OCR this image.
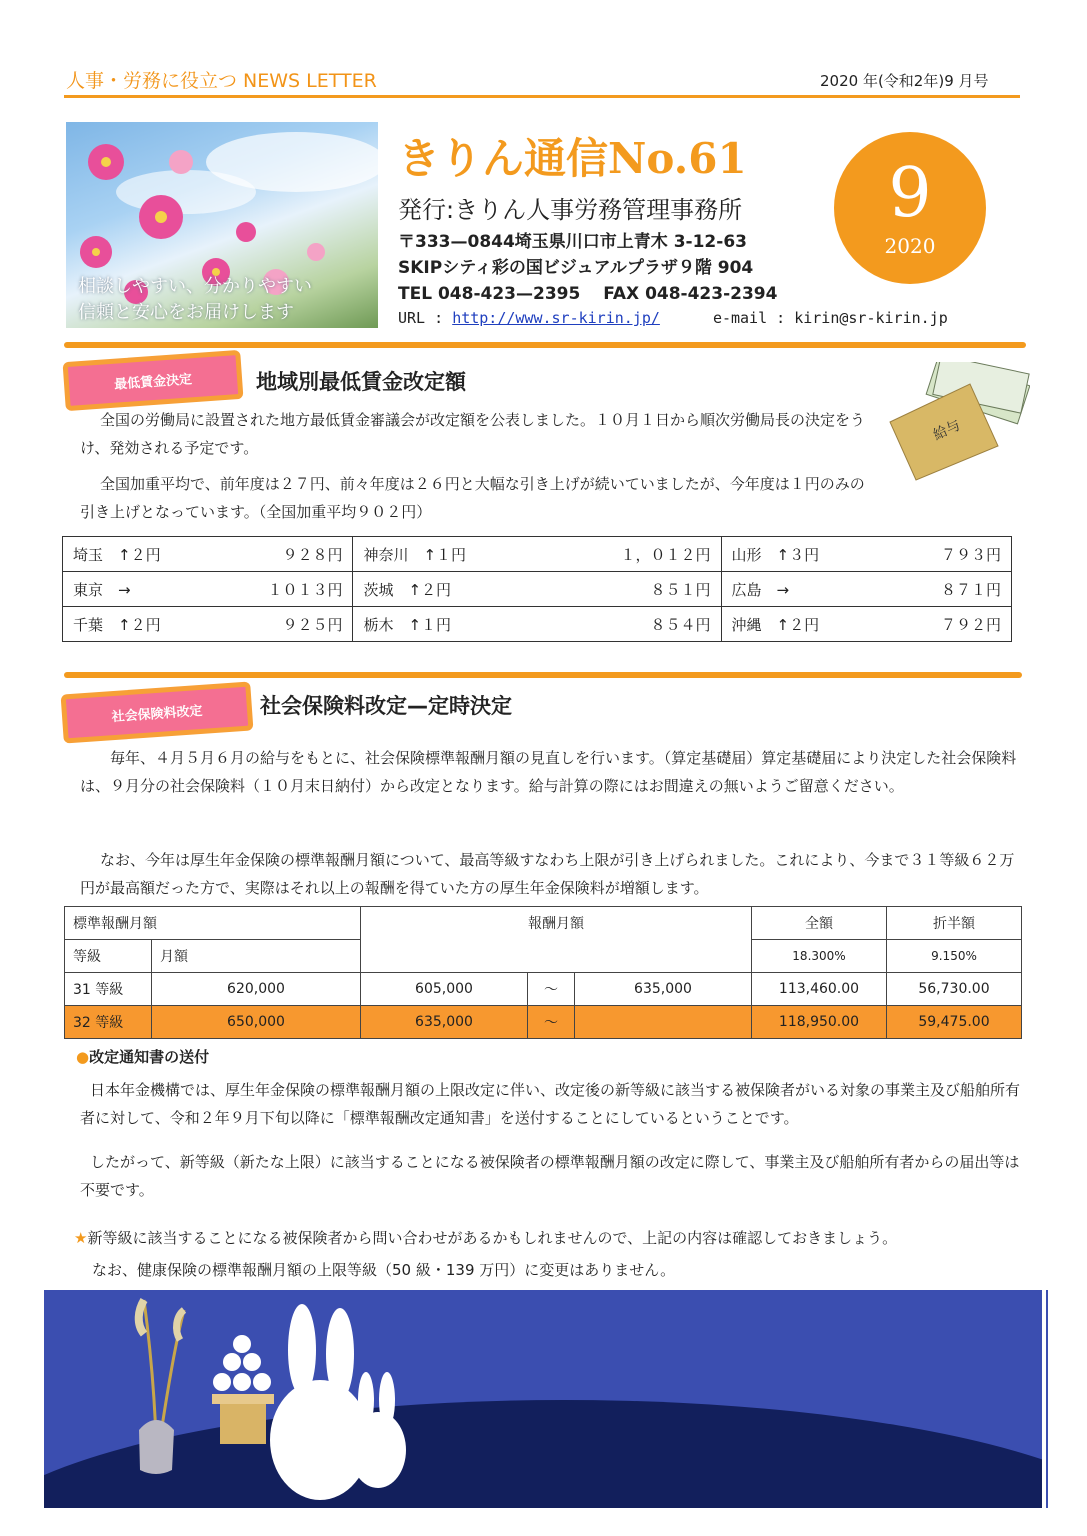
人事・労務に役立つ NEWS LETTER	2020 年(令和2年)9 月号
相談しやすい、分かりやすい
信頼と安心をお届けします
きりん通信No.61
発行:きりん人事労務管理事務所
〒333—0844埼玉県川口市上青木 3-12-63
SKIPシティ彩の国ビジュアルプラザ９階 904
TEL 048-423—2395　 FAX 048-423-2394
URL : http://www.sr-kirin.jp/	e-mail : kirin@sr-kirin.jp
9
2020
最低賃金決定	地域別最低賃金改定額
全国の労働局に設置された地方最低賃金審議会が改定額を公表しました。１０月１日から順次労働局長の決定をうけ、発効される予定です。
全国加重平均で、前年度は２７円、前々年度は２６円と大幅な引き上げが続いていましたが、今年度は１円のみの引き上げとなっています。（全国加重平均９０２円）
給与
埼玉　↑２円 ９２８円	神奈川　↑１円 １，０１２円	山形　↑３円 ７９３円

東京　→ １０１３円	茨城　↑２円 ８５１円	広島　→ ８７１円

千葉　↑２円 ９２５円	栃木　↑１円 ８５４円	沖縄　↑２円 ７９２円
社会保険料改定	社会保険料改定—定時決定
毎年、４月５月６月の給与をもとに、社会保険標準報酬月額の見直しを行います。（算定基礎届）算定基礎届により決定した社会保険料は、９月分の社会保険料（１０月末日納付）から改定となります。給与計算の際にはお間違えの無いようご留意ください。
なお、今年は厚生年金保険の標準報酬月額について、最高等級すなわち上限が引き上げられました。これにより、今まで３１等級６２万円が最高額だった方で、実際はそれ以上の報酬を得ていた方の厚生年金保険料が増額します。
標準報酬月額		報酬月額			全額	折半額
等級	月額				18.300%	9.150%
31 等級	620,000	605,000	～	635,000	113,460.00	56,730.00
32 等級	650,000	635,000	～		118,950.00	59,475.00
●改定通知書の送付
日本年金機構では、厚生年金保険の標準報酬月額の上限改定に伴い、改定後の新等級に該当する被保険者がいる対象の事業主及び船舶所有者に対して、令和２年９月下旬以降に「標準報酬改定通知書」を送付することにしているということです。
したがって、新等級（新たな上限）に該当することになる被保険者の標準報酬月額の改定に際して、事業主及び船舶所有者からの届出等は不要です。
★新等級に該当することになる被保険者から問い合わせがあるかもしれませんので、上記の内容は確認しておきましょう。
なお、健康保険の標準報酬月額の上限等級（50 級・139 万円）に変更はありません。
